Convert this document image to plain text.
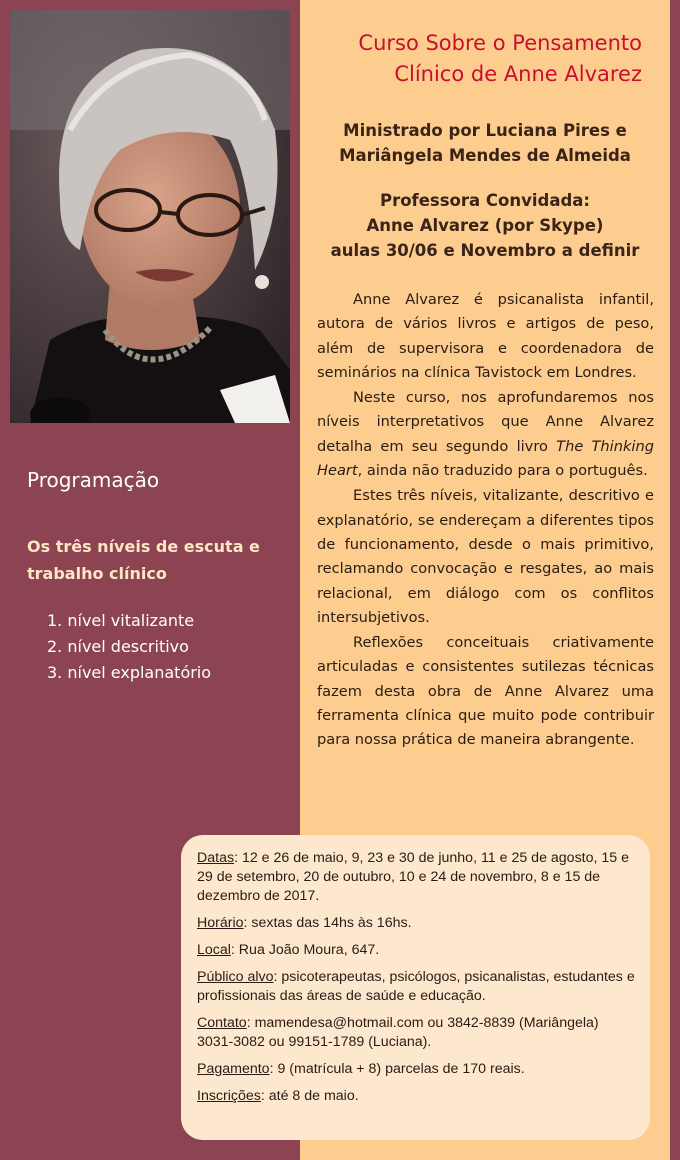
Curso Sobre o Pensamento
Clínico de Anne Alvarez
Ministrado por Luciana Pires e
Mariângela Mendes de Almeida
Professora Convidada:
Anne Alvarez (por Skype)
aulas 30/06 e Novembro a definir

Anne Alvarez é psicanalista infantil, autora de vários livros e artigos de peso, além de supervisora e coordenadora de seminários na clínica Tavistock em Londres.

Neste curso, nos aprofundaremos nos níveis interpretativos que Anne Alvarez detalha em seu segundo livro The Thinking Heart, ainda não traduzido para o português.

Estes três níveis, vitalizante, descritivo e explanatório, se endereçam a diferentes tipos de funcionamento, desde o mais primitivo, reclamando convocação e resgates, ao mais relacional, em diálogo com os conflitos intersubjetivos.

Reflexões conceituais criativamente articuladas e consistentes sutilezas técnicas fazem desta obra de Anne Alvarez uma ferramenta clínica que muito pode contribuir para nossa prática de maneira abrangente.

Programação
Os três níveis de escuta e trabalho clínico
1. nível vitalizante
2. nível descritivo
3. nível explanatório
Datas: 12 e 26 de maio, 9, 23 e 30 de junho, 11 e 25 de agosto, 15 e 29 de setembro, 20 de outubro, 10 e 24 de novembro, 8 e 15 de dezembro de 2017.
Horário: sextas das 14hs às 16hs.
Local: Rua João Moura, 647.
Público alvo: psicoterapeutas, psicólogos, psicanalistas, estudantes e profissionais das áreas de saúde e educação.
Contato: mamendesa@hotmail.com ou 3842-8839 (Mariângela) 3031-3082 ou 99151-1789 (Luciana).
Pagamento: 9 (matrícula + 8) parcelas de 170 reais.
Inscrições: até 8 de maio.
